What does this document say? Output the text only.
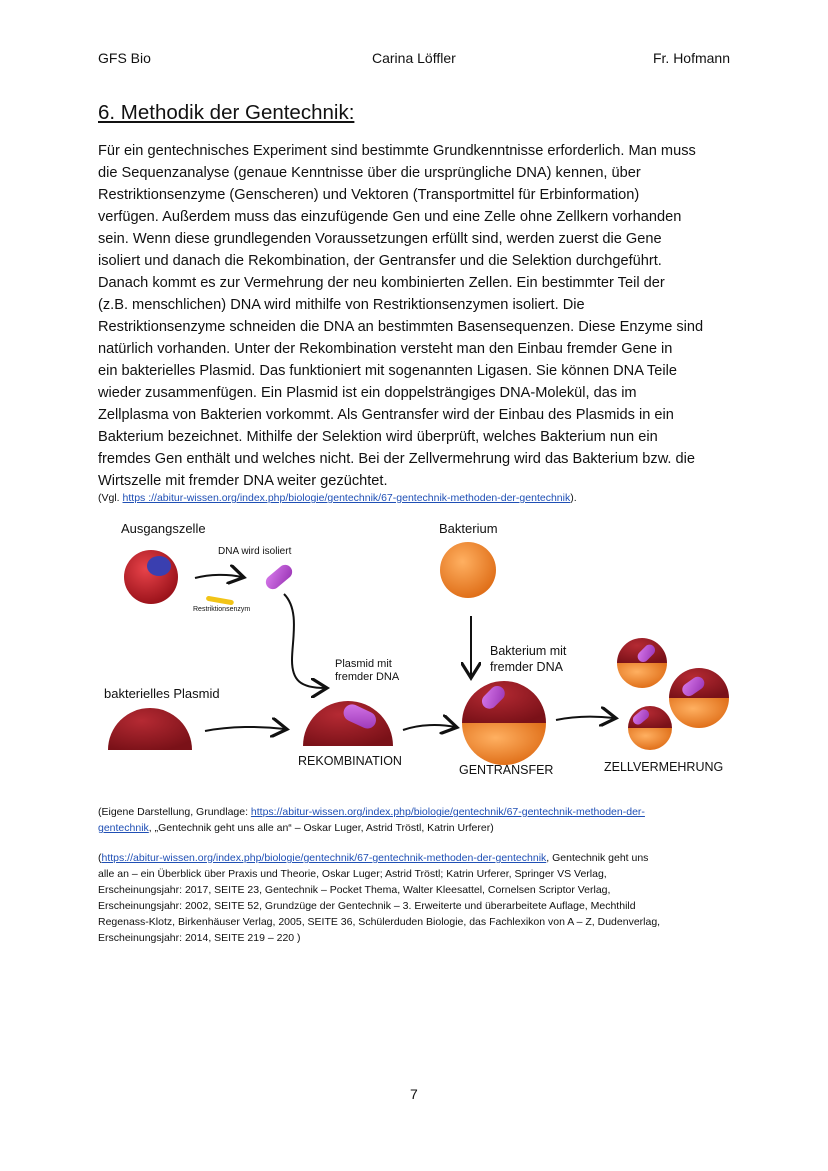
GFS Bio	Carina Löffler	Fr. Hofmann
6. Methodik der Gentechnik:
Für ein gentechnisches Experiment sind bestimmte Grundkenntnisse erforderlich. Man muss
die Sequenzanalyse (genaue Kenntnisse über die ursprüngliche DNA) kennen, über
Restriktionsenzyme (Genscheren) und Vektoren (Transportmittel für Erbinformation)
verfügen. Außerdem muss das einzufügende Gen und eine Zelle ohne Zellkern vorhanden
sein. Wenn diese grundlegenden Voraussetzungen erfüllt sind, werden zuerst die Gene
isoliert und danach die Rekombination, der Gentransfer und die Selektion durchgeführt.
Danach kommt es zur Vermehrung der neu kombinierten Zellen. Ein bestimmter Teil der
(z.B. menschlichen) DNA wird mithilfe von Restriktionsenzymen isoliert. Die
Restriktionsenzyme schneiden die DNA an bestimmten Basensequenzen. Diese Enzyme sind
natürlich vorhanden. Unter der Rekombination versteht man den Einbau fremder Gene in
ein bakterielles Plasmid. Das funktioniert mit sogenannten Ligasen. Sie können DNA Teile
wieder zusammenfügen. Ein Plasmid ist ein doppelsträngiges DNA-Molekül, das im
Zellplasma von Bakterien vorkommt. Als Gentransfer wird der Einbau des Plasmids in ein
Bakterium bezeichnet. Mithilfe der Selektion wird überprüft, welches Bakterium nun ein
fremdes Gen enthält und welches nicht. Bei der Zellvermehrung wird das Bakterium bzw. die
Wirtszelle mit fremder DNA weiter gezüchtet.
(Vgl. https ://abitur-wissen.org/index.php/biologie/gentechnik/67-gentechnik-methoden-der-gentechnik).
Ausgangszelle
DNA wird isoliert
Restriktionsenzym
Bakterium
Plasmid mit
fremder DNA
Bakterium mit
fremder DNA
bakterielles Plasmid
REKOMBINATION
GENTRANSFER	ZELLVERMEHRUNG
(Eigene Darstellung, Grundlage: https://abitur-wissen.org/index.php/biologie/gentechnik/67-gentechnik-methoden-der-
gentechnik, „Gentechnik geht uns alle an“ – Oskar Luger, Astrid Tröstl, Katrin Urferer)
(https://abitur-wissen.org/index.php/biologie/gentechnik/67-gentechnik-methoden-der-gentechnik, Gentechnik geht uns
alle an – ein Überblick über Praxis und Theorie, Oskar Luger; Astrid Tröstl; Katrin Urferer, Springer VS Verlag,
Erscheinungsjahr: 2017, SEITE 23, Gentechnik – Pocket Thema, Walter Kleesattel, Cornelsen Scriptor Verlag,
Erscheinungsjahr: 2002, SEITE 52, Grundzüge der Gentechnik – 3. Erweiterte und überarbeitete Auflage, Mechthild
Regenass-Klotz, Birkenhäuser Verlag, 2005, SEITE 36, Schülerduden Biologie, das Fachlexikon von A – Z, Dudenverlag,
Erscheinungsjahr: 2014, SEITE 219 – 220 )
7
